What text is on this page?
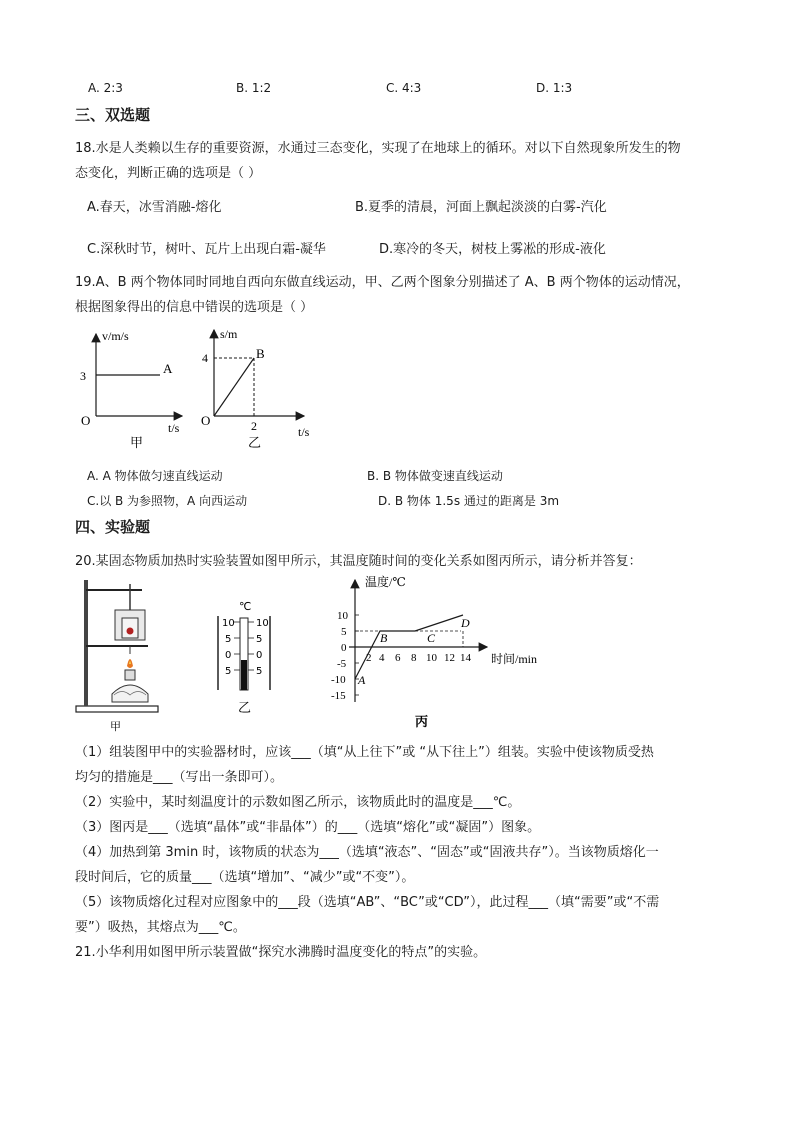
A. 2:3	B. 1:2	C. 4:3	D. 1:3
三、双选题
18.水是人类赖以生存的重要资源，水通过三态变化，实现了在地球上的循环。对以下自然现象所发生的物
态变化，判断正确的选项是（ ）
A.春天，冰雪消融-熔化	B.夏季的清晨，河面上飘起淡淡的白雾-汽化
C.深秋时节，树叶、瓦片上出现白霜-凝华	D.寒冷的冬天，树枝上雾凇的形成-液化
19.A、B 两个物体同时同地自西向东做直线运动，甲、乙两个图象分别描述了 A、B 两个物体的运动情况，
根据图象得出的信息中错误的选项是（ ）
v/m/s
3	A
O	t/s
甲
s/m
4	B
O	2	t/s
乙
A. A 物体做匀速直线运动	B. B 物体做变速直线运动
C.以 B 为参照物，A 向西运动	D. B 物体 1.5s 通过的距离是 3m
四、实验题
20.某固态物质加热时实验装置如图甲所示，其温度随时间的变化关系如图丙所示，请分析并答复：
甲
℃
10
5
0
5
10
5
0
5
乙
温度/℃
10
5
0
-5
-10
-15
2 4 6 8 10 12 14 时间/min
A
B	C
D
丙
（1）组装图甲中的实验器材时，应该___（填“从上往下”或 “从下往上”）组装。实验中使该物质受热
均匀的措施是___（写出一条即可）。
（2）实验中，某时刻温度计的示数如图乙所示，该物质此时的温度是___℃。
（3）图丙是___（选填“晶体”或“非晶体”）的___（选填“熔化”或“凝固”）图象。
（4）加热到第 3min 时，该物质的状态为___（选填“液态”、“固态”或“固液共存”）。当该物质熔化一
段时间后，它的质量___（选填“增加”、“减少”或“不变”）。
（5）该物质熔化过程对应图象中的___段（选填“AB”、“BC”或“CD”），此过程___（填“需要”或“不需
要”）吸热，其熔点为___℃。
21.小华利用如图甲所示装置做“探究水沸腾时温度变化的特点”的实验。
